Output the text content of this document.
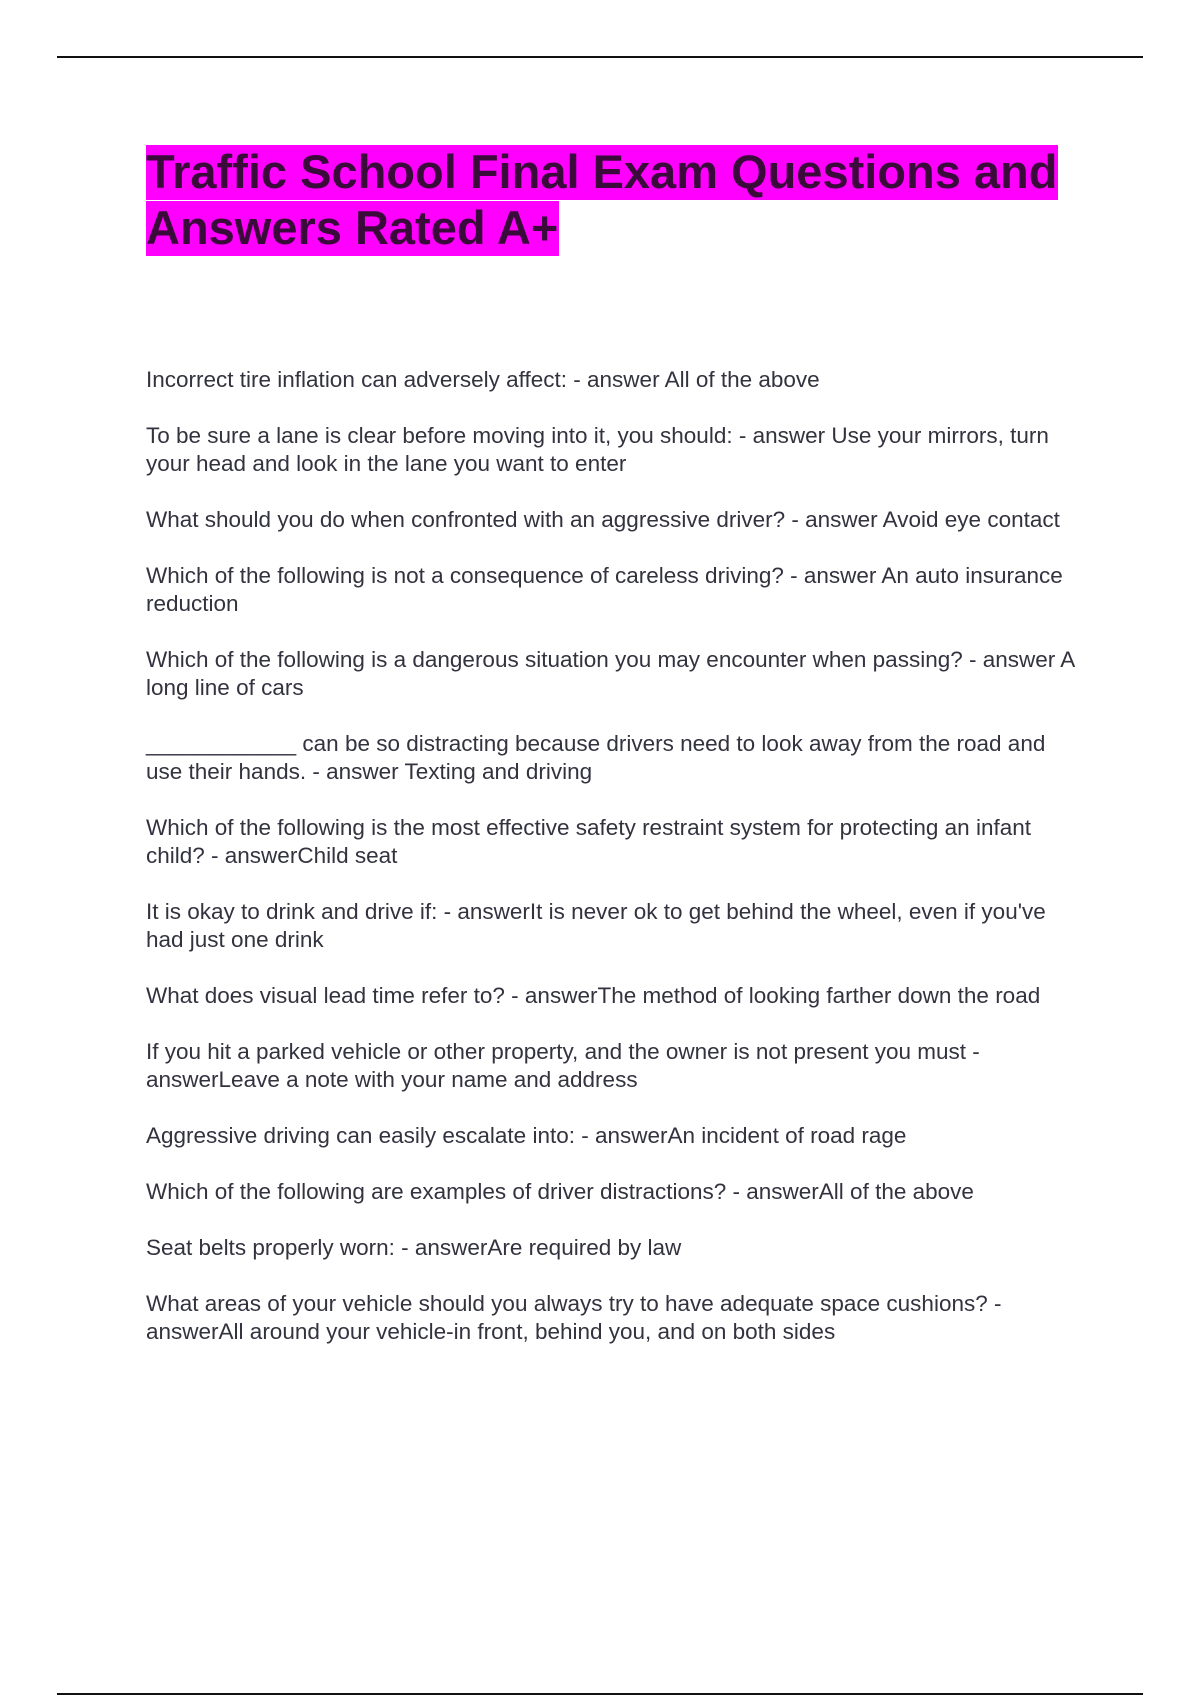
Traffic School Final Exam Questions and Answers Rated A+
Incorrect tire inflation can adversely affect: - answer All of the above
To be sure a lane is clear before moving into it, you should: - answer Use your mirrors, turn your head and look in the lane you want to enter
What should you do when confronted with an aggressive driver? - answer Avoid eye contact
Which of the following is not a consequence of careless driving? - answer An auto insurance reduction
Which of the following is a dangerous situation you may encounter when passing? - answer A long line of cars
____________ can be so distracting because drivers need to look away from the road and use their hands. - answer Texting and driving
Which of the following is the most effective safety restraint system for protecting an infant child? - answerChild seat
It is okay to drink and drive if: - answerIt is never ok to get behind the wheel, even if you've had just one drink
What does visual lead time refer to? - answerThe method of looking farther down the road
If you hit a parked vehicle or other property, and the owner is not present you must - answerLeave a note with your name and address
Aggressive driving can easily escalate into: - answerAn incident of road rage
Which of the following are examples of driver distractions? - answerAll of the above
Seat belts properly worn: - answerAre required by law
What areas of your vehicle should you always try to have adequate space cushions? - answerAll around your vehicle-in front, behind you, and on both sides
